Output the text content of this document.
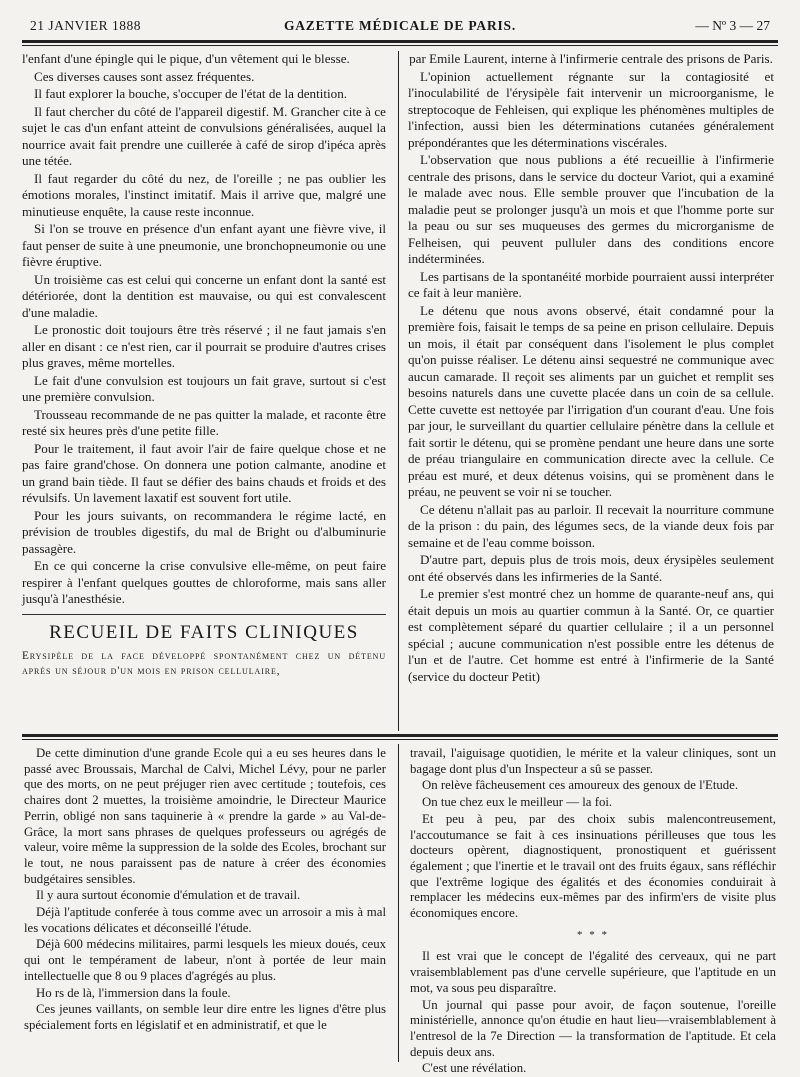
21 JANVIER 1888	GAZETTE MÉDICALE DE PARIS.	— Nº 3 — 27

l'enfant d'une épingle qui le pique, d'un vêtement qui le blesse.

Ces diverses causes sont assez fréquentes.

Il faut explorer la bouche, s'occuper de l'état de la dentition.

Il faut chercher du côté de l'appareil digestif. M. Grancher cite à ce sujet le cas d'un enfant atteint de convulsions généralisées, auquel la nourrice avait fait prendre une cuillerée à café de sirop d'ipéca après une tétée.

Il faut regarder du côté du nez, de l'oreille ; ne pas oublier les émotions morales, l'instinct imitatif. Mais il arrive que, malgré une minutieuse enquête, la cause reste inconnue.

Si l'on se trouve en présence d'un enfant ayant une fièvre vive, il faut penser de suite à une pneumonie, une bronchopneumonie ou une fièvre éruptive.

Un troisième cas est celui qui concerne un enfant dont la santé est détériorée, dont la dentition est mauvaise, ou qui est convalescent d'une maladie.

Le pronostic doit toujours être très réservé ; il ne faut jamais s'en aller en disant : ce n'est rien, car il pourrait se produire d'autres crises plus graves, même mortelles.

Le fait d'une convulsion est toujours un fait grave, surtout si c'est une première convulsion.

Trousseau recommande de ne pas quitter la malade, et raconte être resté six heures près d'une petite fille.

Pour le traitement, il faut avoir l'air de faire quelque chose et ne pas faire grand'chose. On donnera une potion calmante, anodine et un grand bain tiède. Il faut se défier des bains chauds et froids et des révulsifs. Un lavement laxatif est souvent fort utile.

Pour les jours suivants, on recommandera le régime lacté, en prévision de troubles digestifs, du mal de Bright ou d'albuminurie passagère.

En ce qui concerne la crise convulsive elle-même, on peut faire respirer à l'enfant quelques gouttes de chloroforme, mais sans aller jusqu'à l'anesthésie.

RECUEIL DE FAITS CLINIQUES
Erysipèle de la face développé spontanément chez un détenu après un séjour d'un mois en prison cellulaire,

par Emile Laurent, interne à l'infirmerie centrale des prisons de Paris.

L'opinion actuellement régnante sur la contagiosité et l'inoculabilité de l'érysipèle fait intervenir un microorganisme, le streptocoque de Fehleisen, qui explique les phénomènes multiples de l'infection, aussi bien les déterminations cutanées généralement prépondérantes que les déterminations viscérales.

L'observation que nous publions a été recueillie à l'infirmerie centrale des prisons, dans le service du docteur Variot, qui a examiné le malade avec nous. Elle semble prouver que l'incubation de la maladie peut se prolonger jusqu'à un mois et que l'homme porte sur la peau ou sur ses muqueuses des germes du microrganisme de Felheisen, qui peuvent pulluler dans des conditions encore indéterminées.

Les partisans de la spontanéité morbide pourraient aussi interpréter ce fait à leur manière.

Le détenu que nous avons observé, était condamné pour la première fois, faisait le temps de sa peine en prison cellulaire. Depuis un mois, il était par conséquent dans l'isolement le plus complet qu'on puisse réaliser. Le détenu ainsi sequestré ne communique avec aucun camarade. Il reçoit ses aliments par un guichet et remplit ses besoins naturels dans une cuvette placée dans un coin de sa cellule. Cette cuvette est nettoyée par l'irrigation d'un courant d'eau. Une fois par jour, le surveillant du quartier cellulaire pénètre dans la cellule et fait sortir le détenu, qui se promène pendant une heure dans une sorte de préau triangulaire en communication directe avec la cellule. Ce préau est muré, et deux détenus voisins, qui se promènent dans le préau, ne peuvent se voir ni se toucher.

Ce détenu n'allait pas au parloir. Il recevait la nourriture commune de la prison : du pain, des légumes secs, de la viande deux fois par semaine et de l'eau comme boisson.

D'autre part, depuis plus de trois mois, deux érysipèles seulement ont été observés dans les infirmeries de la Santé.

Le premier s'est montré chez un homme de quarante-neuf ans, qui était depuis un mois au quartier commun à la Santé. Or, ce quartier est complètement séparé du quartier cellulaire ; il a un personnel spécial ; aucune communication n'est possible entre les détenus de l'un et de l'autre. Cet homme est entré à l'infirmerie de la Santé (service du docteur Petit)

De cette diminution d'une grande Ecole qui a eu ses heures dans le passé avec Broussais, Marchal de Calvi, Michel Lévy, pour ne parler que des morts, on ne peut préjuger rien avec certitude ; toutefois, ces chaires dont 2 muettes, la troisième amoindrie, le Directeur Maurice Perrin, obligé non sans taquinerie à « prendre la garde » au Val-de-Grâce, la mort sans phrases de quelques professeurs ou agrégés de valeur, voire même la suppression de la solde des Ecoles, brochant sur le tout, ne nous paraissent pas de nature à créer des économies budgétaires sensibles.

Il y aura surtout économie d'émulation et de travail.

Déjà l'aptitude conferée à tous comme avec un arrosoir a mis à mal les vocations délicates et déconseillé l'étude.

Déjà 600 médecins militaires, parmi lesquels les mieux doués, ceux qui ont le tempérament de labeur, n'ont à portée de leur main intellectuelle que 8 ou 9 places d'agrégés au plus.

Ho rs de là, l'immersion dans la foule.

Ces jeunes vaillants, on semble leur dire entre les lignes d'être plus spécialement forts en législatif et en administratif, et que le

travail, l'aiguisage quotidien, le mérite et la valeur cliniques, sont un bagage dont plus d'un Inspecteur a sû se passer.

On relève fâcheusement ces amoureux des genoux de l'Etude.

On tue chez eux le meilleur — la foi.

Et peu à peu, par des choix subis malencontreusement, l'accoutumance se fait à ces insinuations périlleuses que tous les docteurs opèrent, diagnostiquent, pronostiquent et guérissent également ; que l'inertie et le travail ont des fruits égaux, sans réfléchir que l'extrême logique des égalités et des économies conduirait à remplacer les médecins eux-mêmes par des infirm'ers de visite plus économiques encore.

* * *

Il est vrai que le concept de l'égalité des cerveaux, qui ne part vraisemblablement pas d'une cervelle supérieure, que l'aptitude en un mot, va sous peu disparaître.

Un journal qui passe pour avoir, de façon soutenue, l'oreille ministérielle, annonce qu'on étudie en haut lieu—vraisemblablement à l'entresol de la 7e Direction — la transformation de l'aptitude. Et cela depuis deux ans.

C'est une révélation.
